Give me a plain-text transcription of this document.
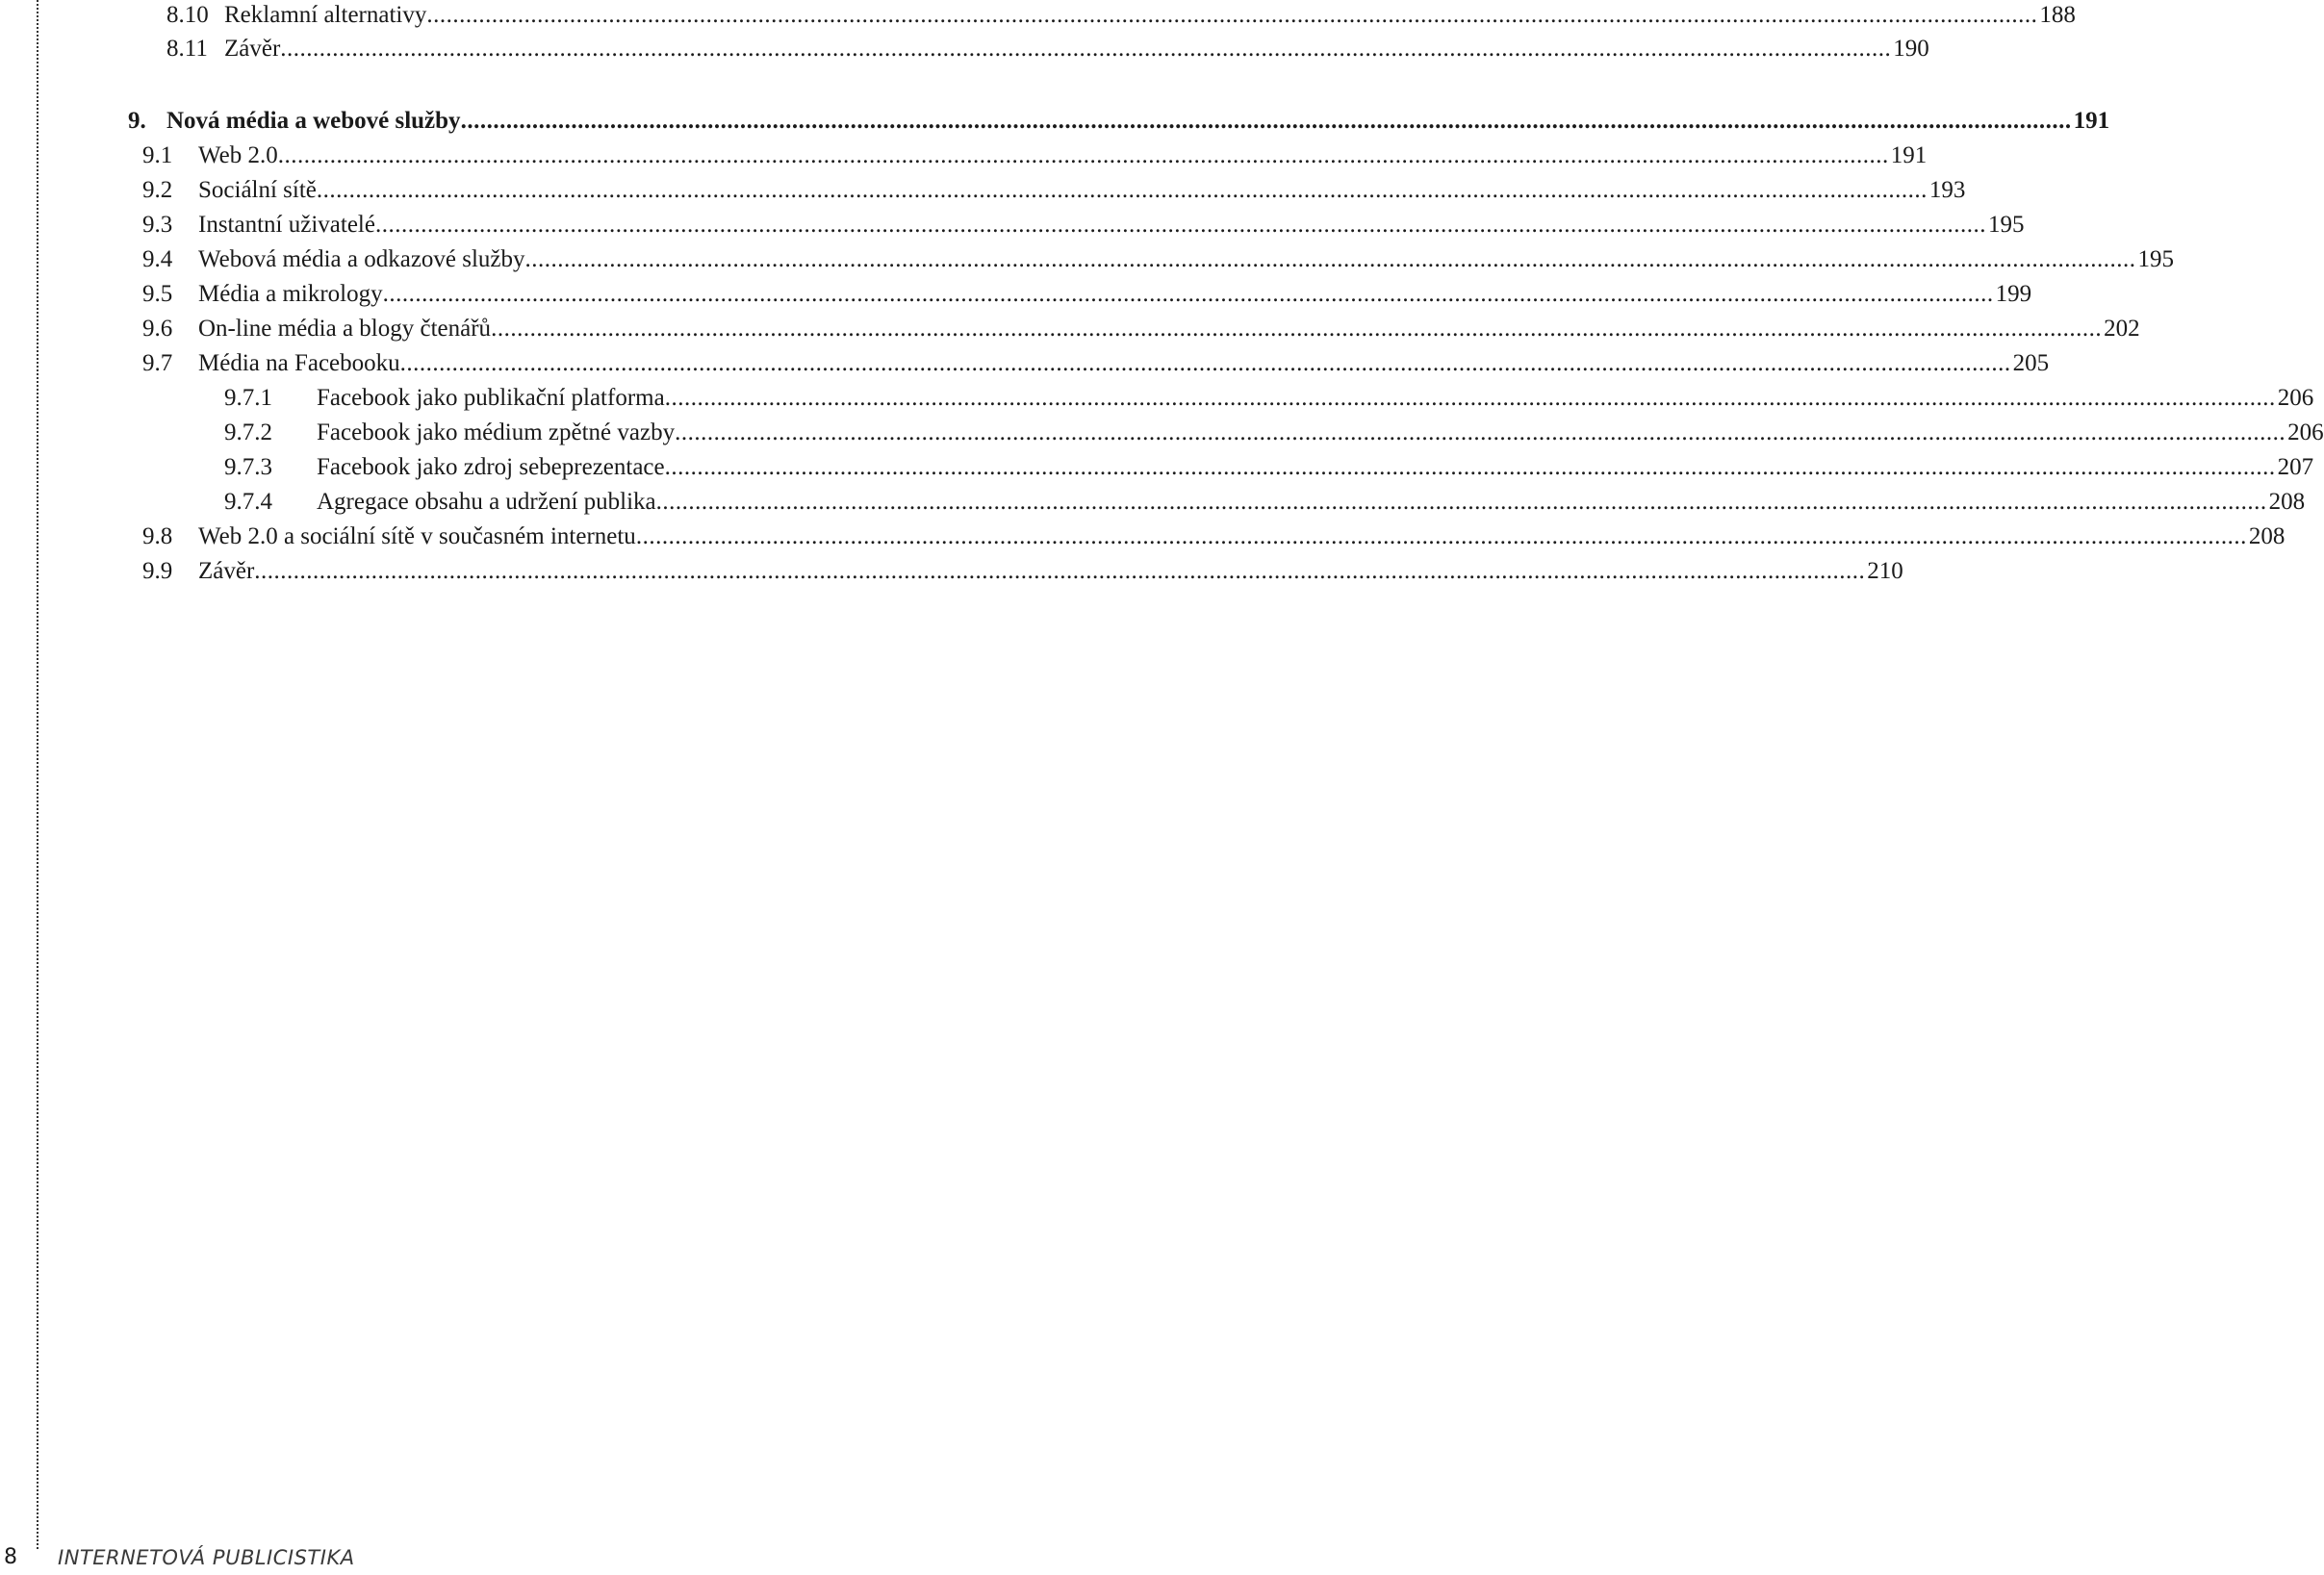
8.10 Reklamní alternativy .....	188
8.11 Závěr .....	190
9. Nová média a webové služby .....	191
9.1	Web 2.0 .....	191
9.2	Sociální sítě .....	193
9.3	Instantní uživatelé .....	195
9.4	Webová média a odkazové služby .....	195
9.5	Média a mikrology .....	199
9.6	On-line média a blogy čtenářů .....	202
9.7	Média na Facebooku .....	205
9.7.1	Facebook jako publikační platforma .....	206
9.7.2	Facebook jako médium zpětné vazby .....	206
9.7.3	Facebook jako zdroj sebeprezentace .....	207
9.7.4	Agregace obsahu a udržení publika .....	208
9.8	Web 2.0 a sociální sítě v současném internetu .....	208
9.9	Závěr .....	210
8 INTERNETOVÁ PUBLICISTIKA
